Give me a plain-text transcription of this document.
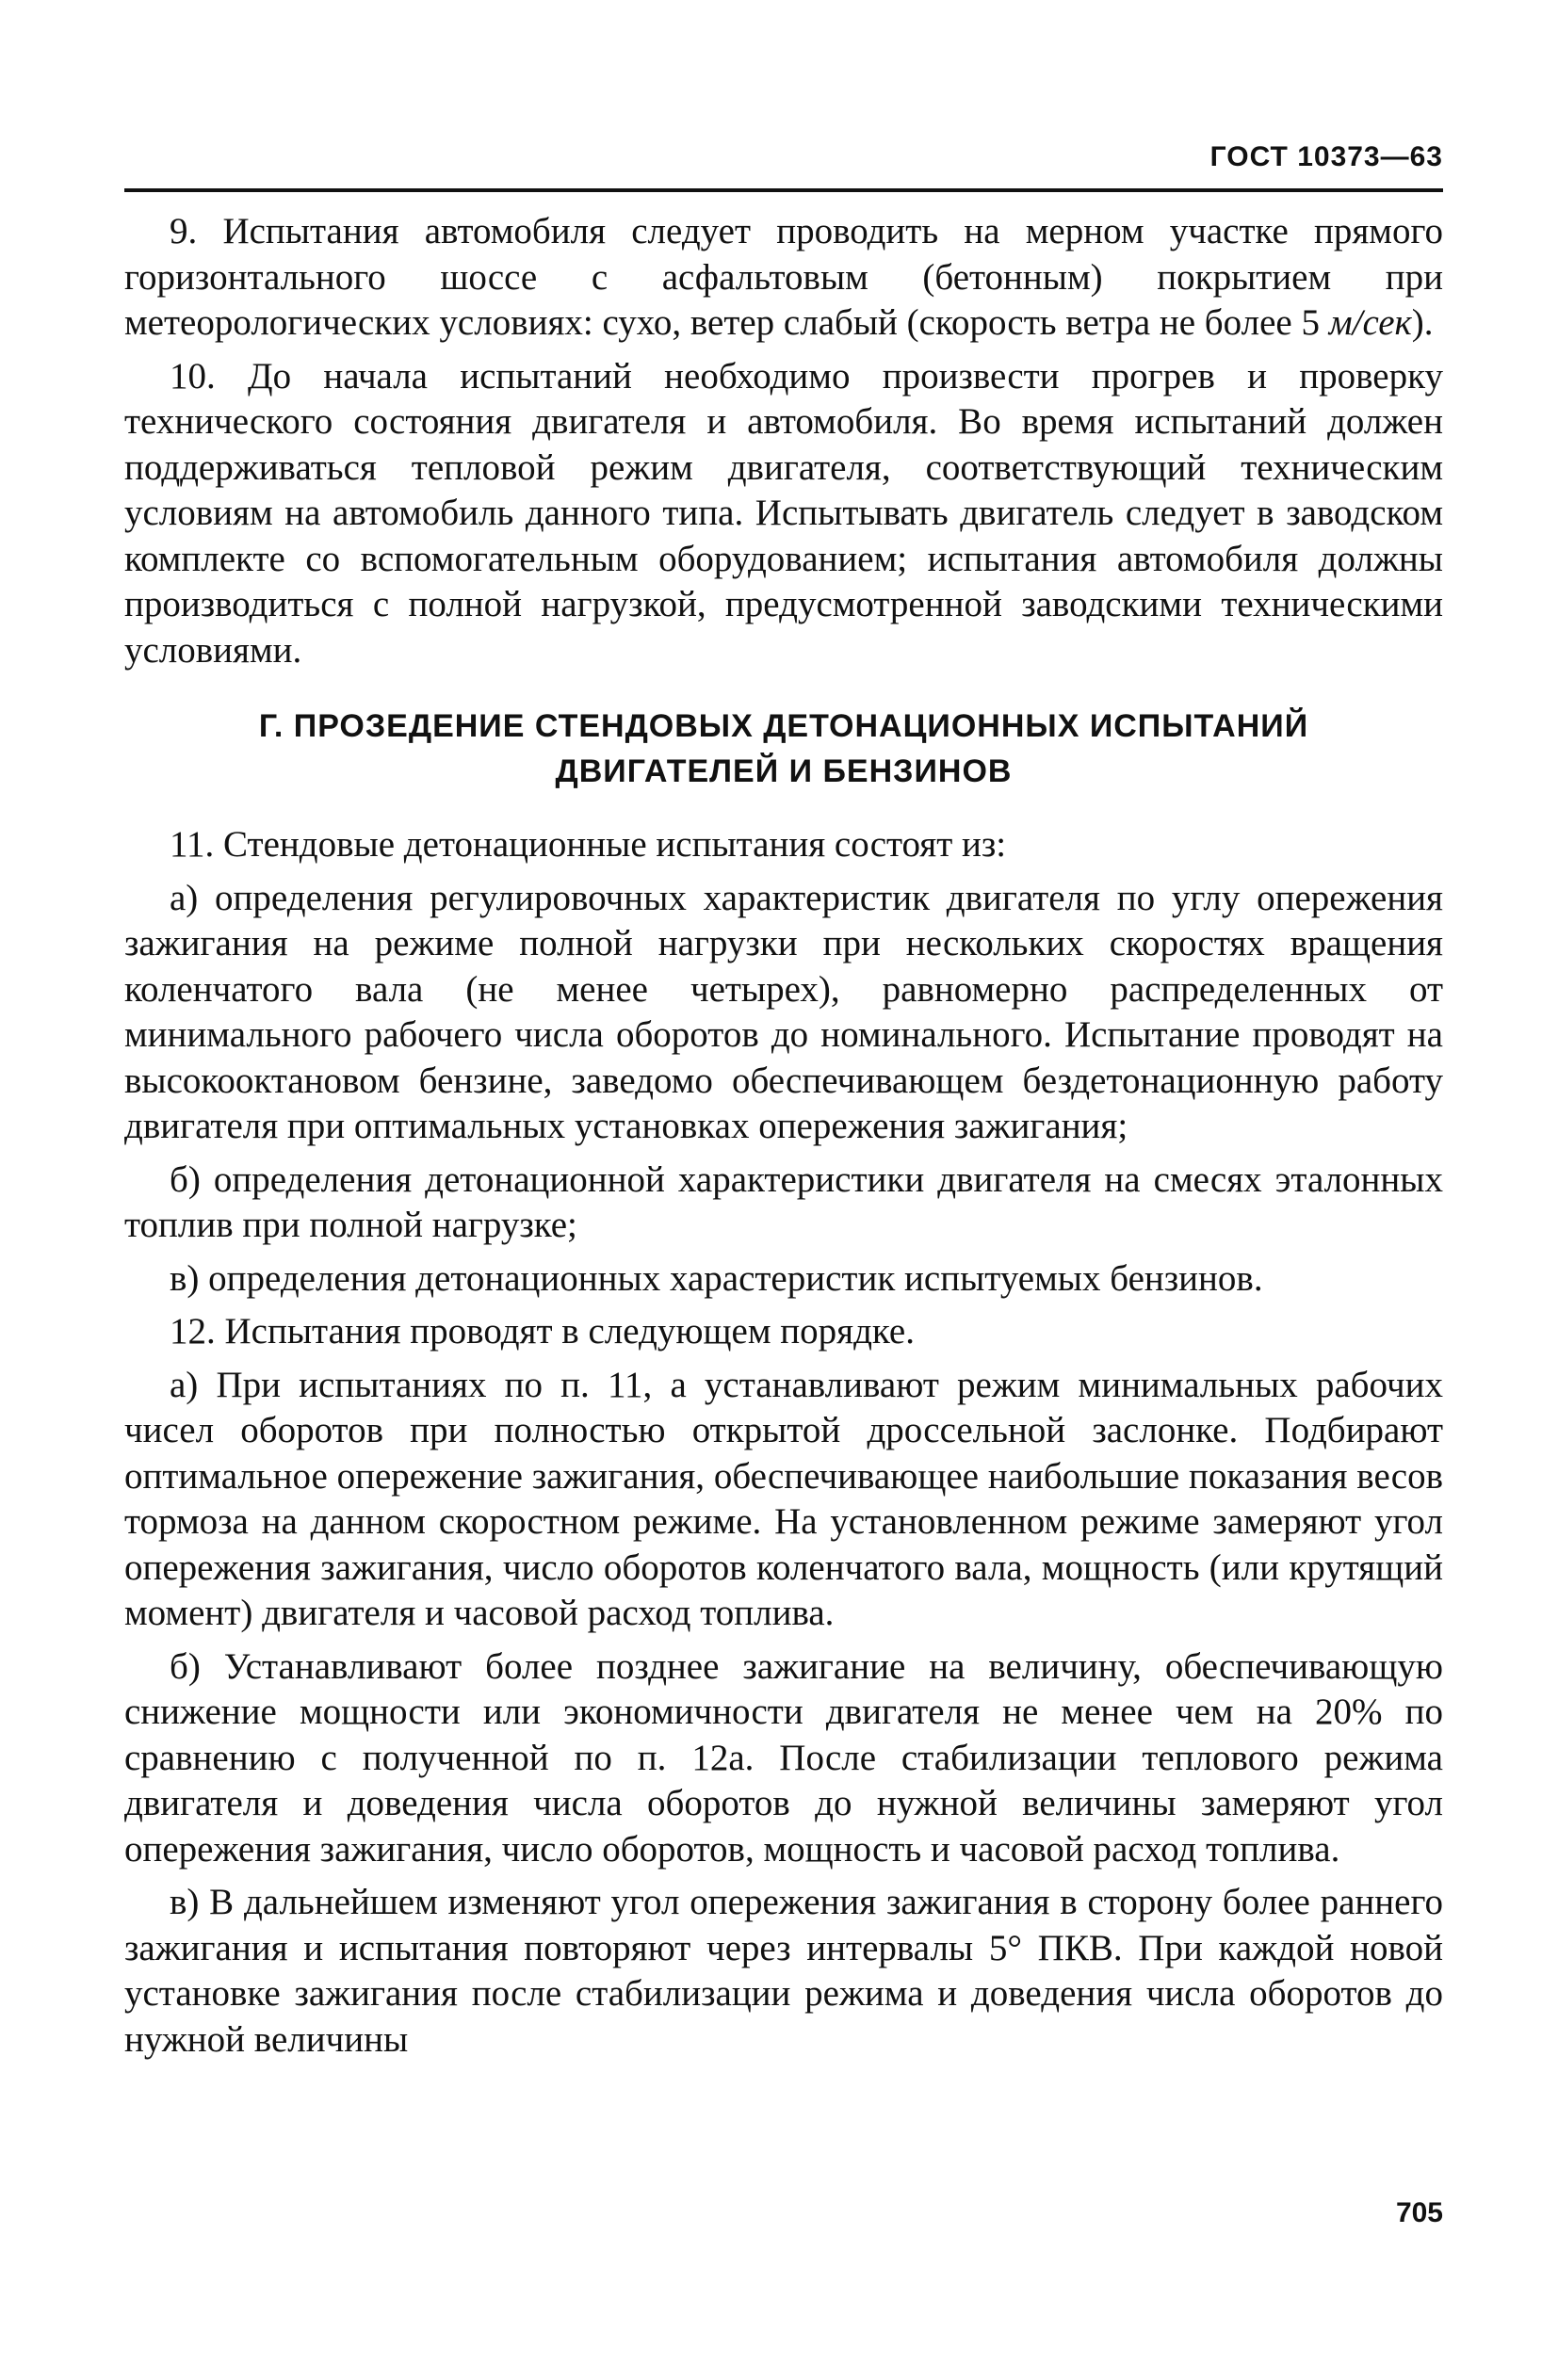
ГОСТ 10373—63

9. Испытания автомобиля следует проводить на мерном участке прямого горизонтального шоссе с асфальтовым (бетонным) покрытием при метеорологических условиях: сухо, ветер слабый (скорость ветра не более 5 м/сек).

10. До начала испытаний необходимо произвести прогрев и проверку технического состояния двигателя и автомобиля. Во время испытаний должен поддерживаться тепловой режим двигателя, соответствующий техническим условиям на автомобиль данного типа. Испытывать двигатель следует в заводском комплекте со вспомогательным оборудованием; испытания автомобиля должны производиться с полной нагрузкой, предусмотренной заводскими техническими условиями.

Г. ПРОЗЕДЕНИЕ СТЕНДОВЫХ ДЕТОНАЦИОННЫХ ИСПЫТАНИЙ
ДВИГАТЕЛЕЙ И БЕНЗИНОВ

11. Стендовые детонационные испытания состоят из:

а) определения регулировочных характеристик двигателя по углу опережения зажигания на режиме полной нагрузки при нескольких скоростях вращения коленчатого вала (не менее четырех), равномерно распределенных от минимального рабочего числа оборотов до номинального. Испытание проводят на высокооктановом бензине, заведомо обеспечивающем бездетонационную работу двигателя при оптимальных установках опережения зажигания;

б) определения детонационной характеристики двигателя на смесях эталонных топлив при полной нагрузке;

в) определения детонационных харастеристик испытуемых бензинов.

12. Испытания проводят в следующем порядке.

а) При испытаниях по п. 11, а устанавливают режим минимальных рабочих чисел оборотов при полностью открытой дроссельной заслонке. Подбирают оптимальное опережение зажигания, обеспечивающее наибольшие показания весов тормоза на данном скоростном режиме. На установленном режиме замеряют угол опережения зажигания, число оборотов коленчатого вала, мощность (или крутящий момент) двигателя и часовой расход топлива.

б) Устанавливают более позднее зажигание на величину, обеспечивающую снижение мощности или экономичности двигателя не менее чем на 20% по сравнению с полученной по п. 12а. После стабилизации теплового режима двигателя и доведения числа оборотов до нужной величины замеряют угол опережения зажигания, число оборотов, мощность и часовой расход топлива.

в) В дальнейшем изменяют угол опережения зажигания в сторону более раннего зажигания и испытания повторяют через интервалы 5° ПКВ. При каждой новой установке зажигания после стабилизации режима и доведения числа оборотов до нужной величины

705
